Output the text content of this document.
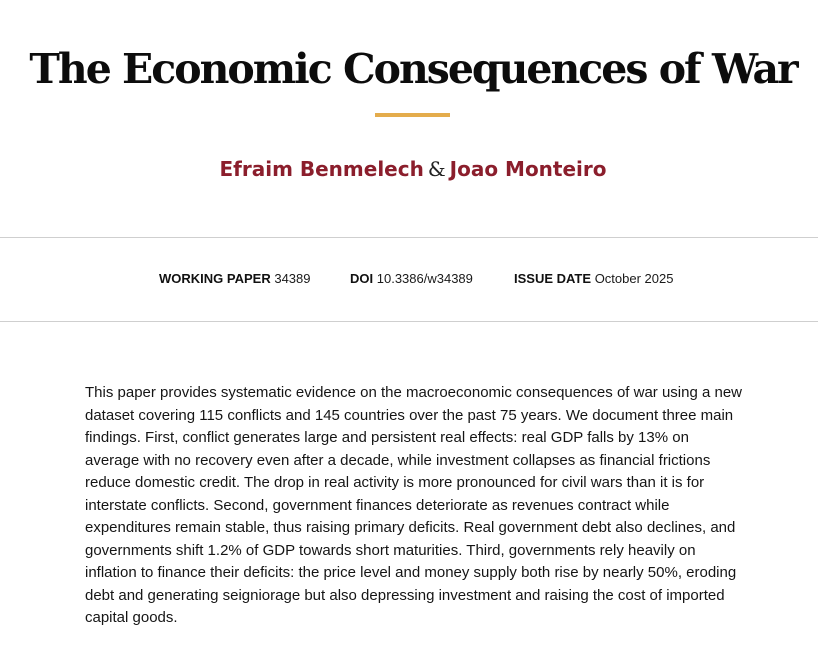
The Economic Consequences of War
Efraim Benmelech & Joao Monteiro
WORKING PAPER 34389	DOI 10.3386/w34389	ISSUE DATE October 2025

This paper provides systematic evidence on the macroeconomic consequences of war using a new dataset covering 115 conflicts and 145 countries over the past 75 years. We document three main findings. First, conflict generates large and persistent real effects: real GDP falls by 13% on average with no recovery even after a decade, while investment collapses as financial frictions reduce domestic credit. The drop in real activity is more pronounced for civil wars than it is for interstate conflicts. Second, government finances deteriorate as revenues contract while expenditures remain stable, thus raising primary deficits. Real government debt also declines, and governments shift 1.2% of GDP towards short maturities. Third, governments rely heavily on inflation to finance their deficits: the price level and money supply both rise by nearly 50%, eroding debt and generating seigniorage but also depressing investment and raising the cost of imported capital goods.
